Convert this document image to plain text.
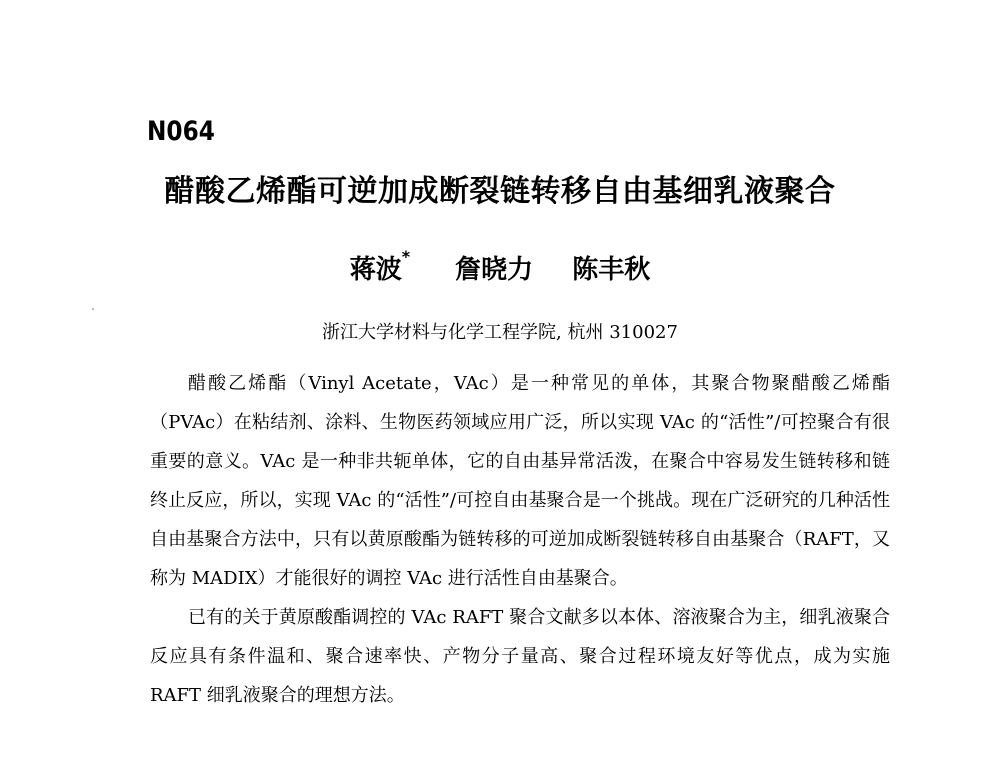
N064
醋酸乙烯酯可逆加成断裂链转移自由基细乳液聚合
蒋波* 詹晓力 陈丰秋
浙江大学材料与化学工程学院, 杭州 310027

醋酸乙烯酯（Vinyl Acetate，VAc）是一种常见的单体，其聚合物聚醋酸乙烯酯（PVAc）在粘结剂、涂料、生物医药领域应用广泛，所以实现 VAc 的“活性”/可控聚合有很重要的意义。VAc 是一种非共轭单体，它的自由基异常活泼，在聚合中容易发生链转移和链终止反应，所以，实现 VAc 的“活性”/可控自由基聚合是一个挑战。现在广泛研究的几种活性自由基聚合方法中，只有以黄原酸酯为链转移的可逆加成断裂链转移自由基聚合（RAFT，又称为 MADIX）才能很好的调控 VAc 进行活性自由基聚合。

已有的关于黄原酸酯调控的 VAc RAFT 聚合文献多以本体、溶液聚合为主，细乳液聚合反应具有条件温和、聚合速率快、产物分子量高、聚合过程环境友好等优点，成为实施 RAFT 细乳液聚合的理想方法。
